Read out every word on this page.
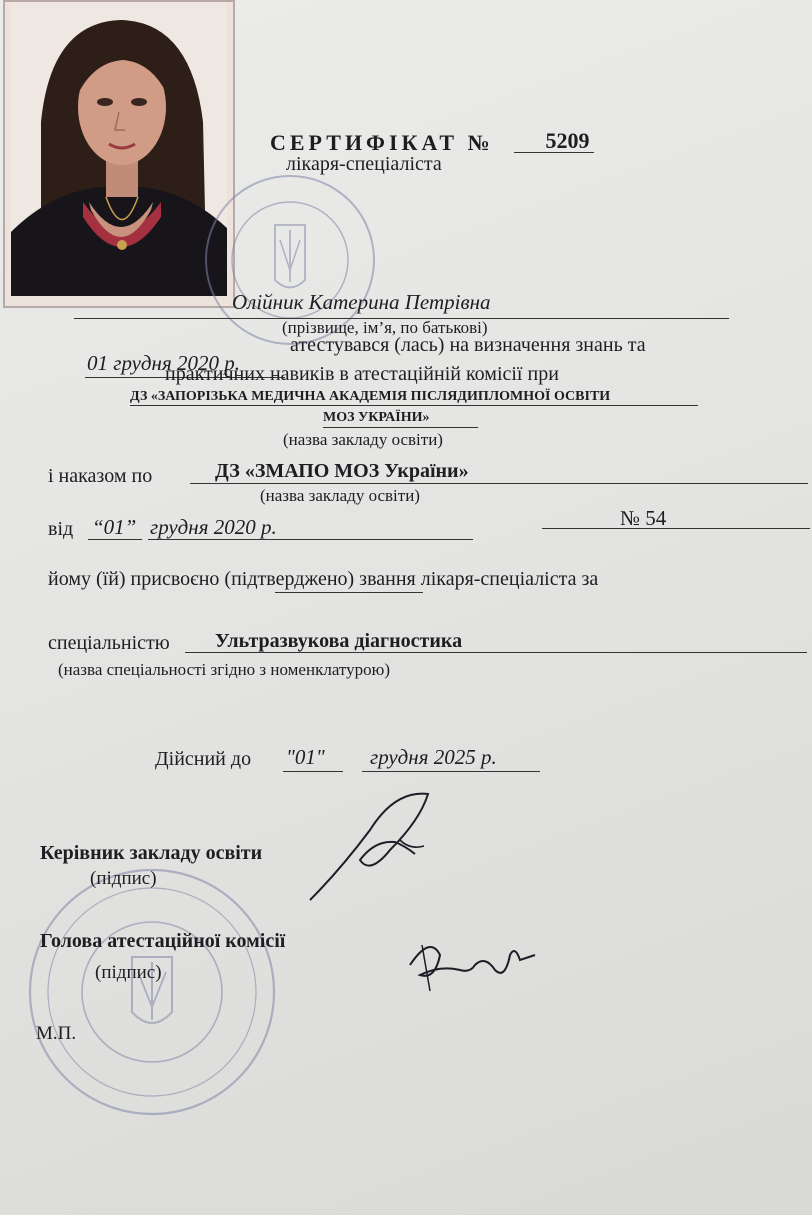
СЕРТИФІКАТ № 5209
лікаря-спеціаліста
Олійник Катерина Петрівна
(прізвище, ім’я, по батькові)
01 грудня 2020 р.
атестувався (лась) на визначення знань та
практичних навиків в атестаційній комісії при
ДЗ «ЗАПОРІЗЬКА МЕДИЧНА АКАДЕМІЯ ПІСЛЯДИПЛОМНОЇ ОСВІТИ
МОЗ УКРАЇНИ»
(назва закладу освіти)
і наказом по	ДЗ «ЗМАПО МОЗ України»
(назва закладу освіти)
від “01” грудня 2020 р.	№ 54
йому (їй) присвоєно (підтверджено) звання лікаря-спеціаліста за
спеціальністю Ультразвукова діагностика
(назва спеціальності згідно з номенклатурою)
Дійсний до "01" грудня 2025 р.
Керівник закладу освіти
(підпис)
Голова атестаційної комісії
(підпис)
М.П.
